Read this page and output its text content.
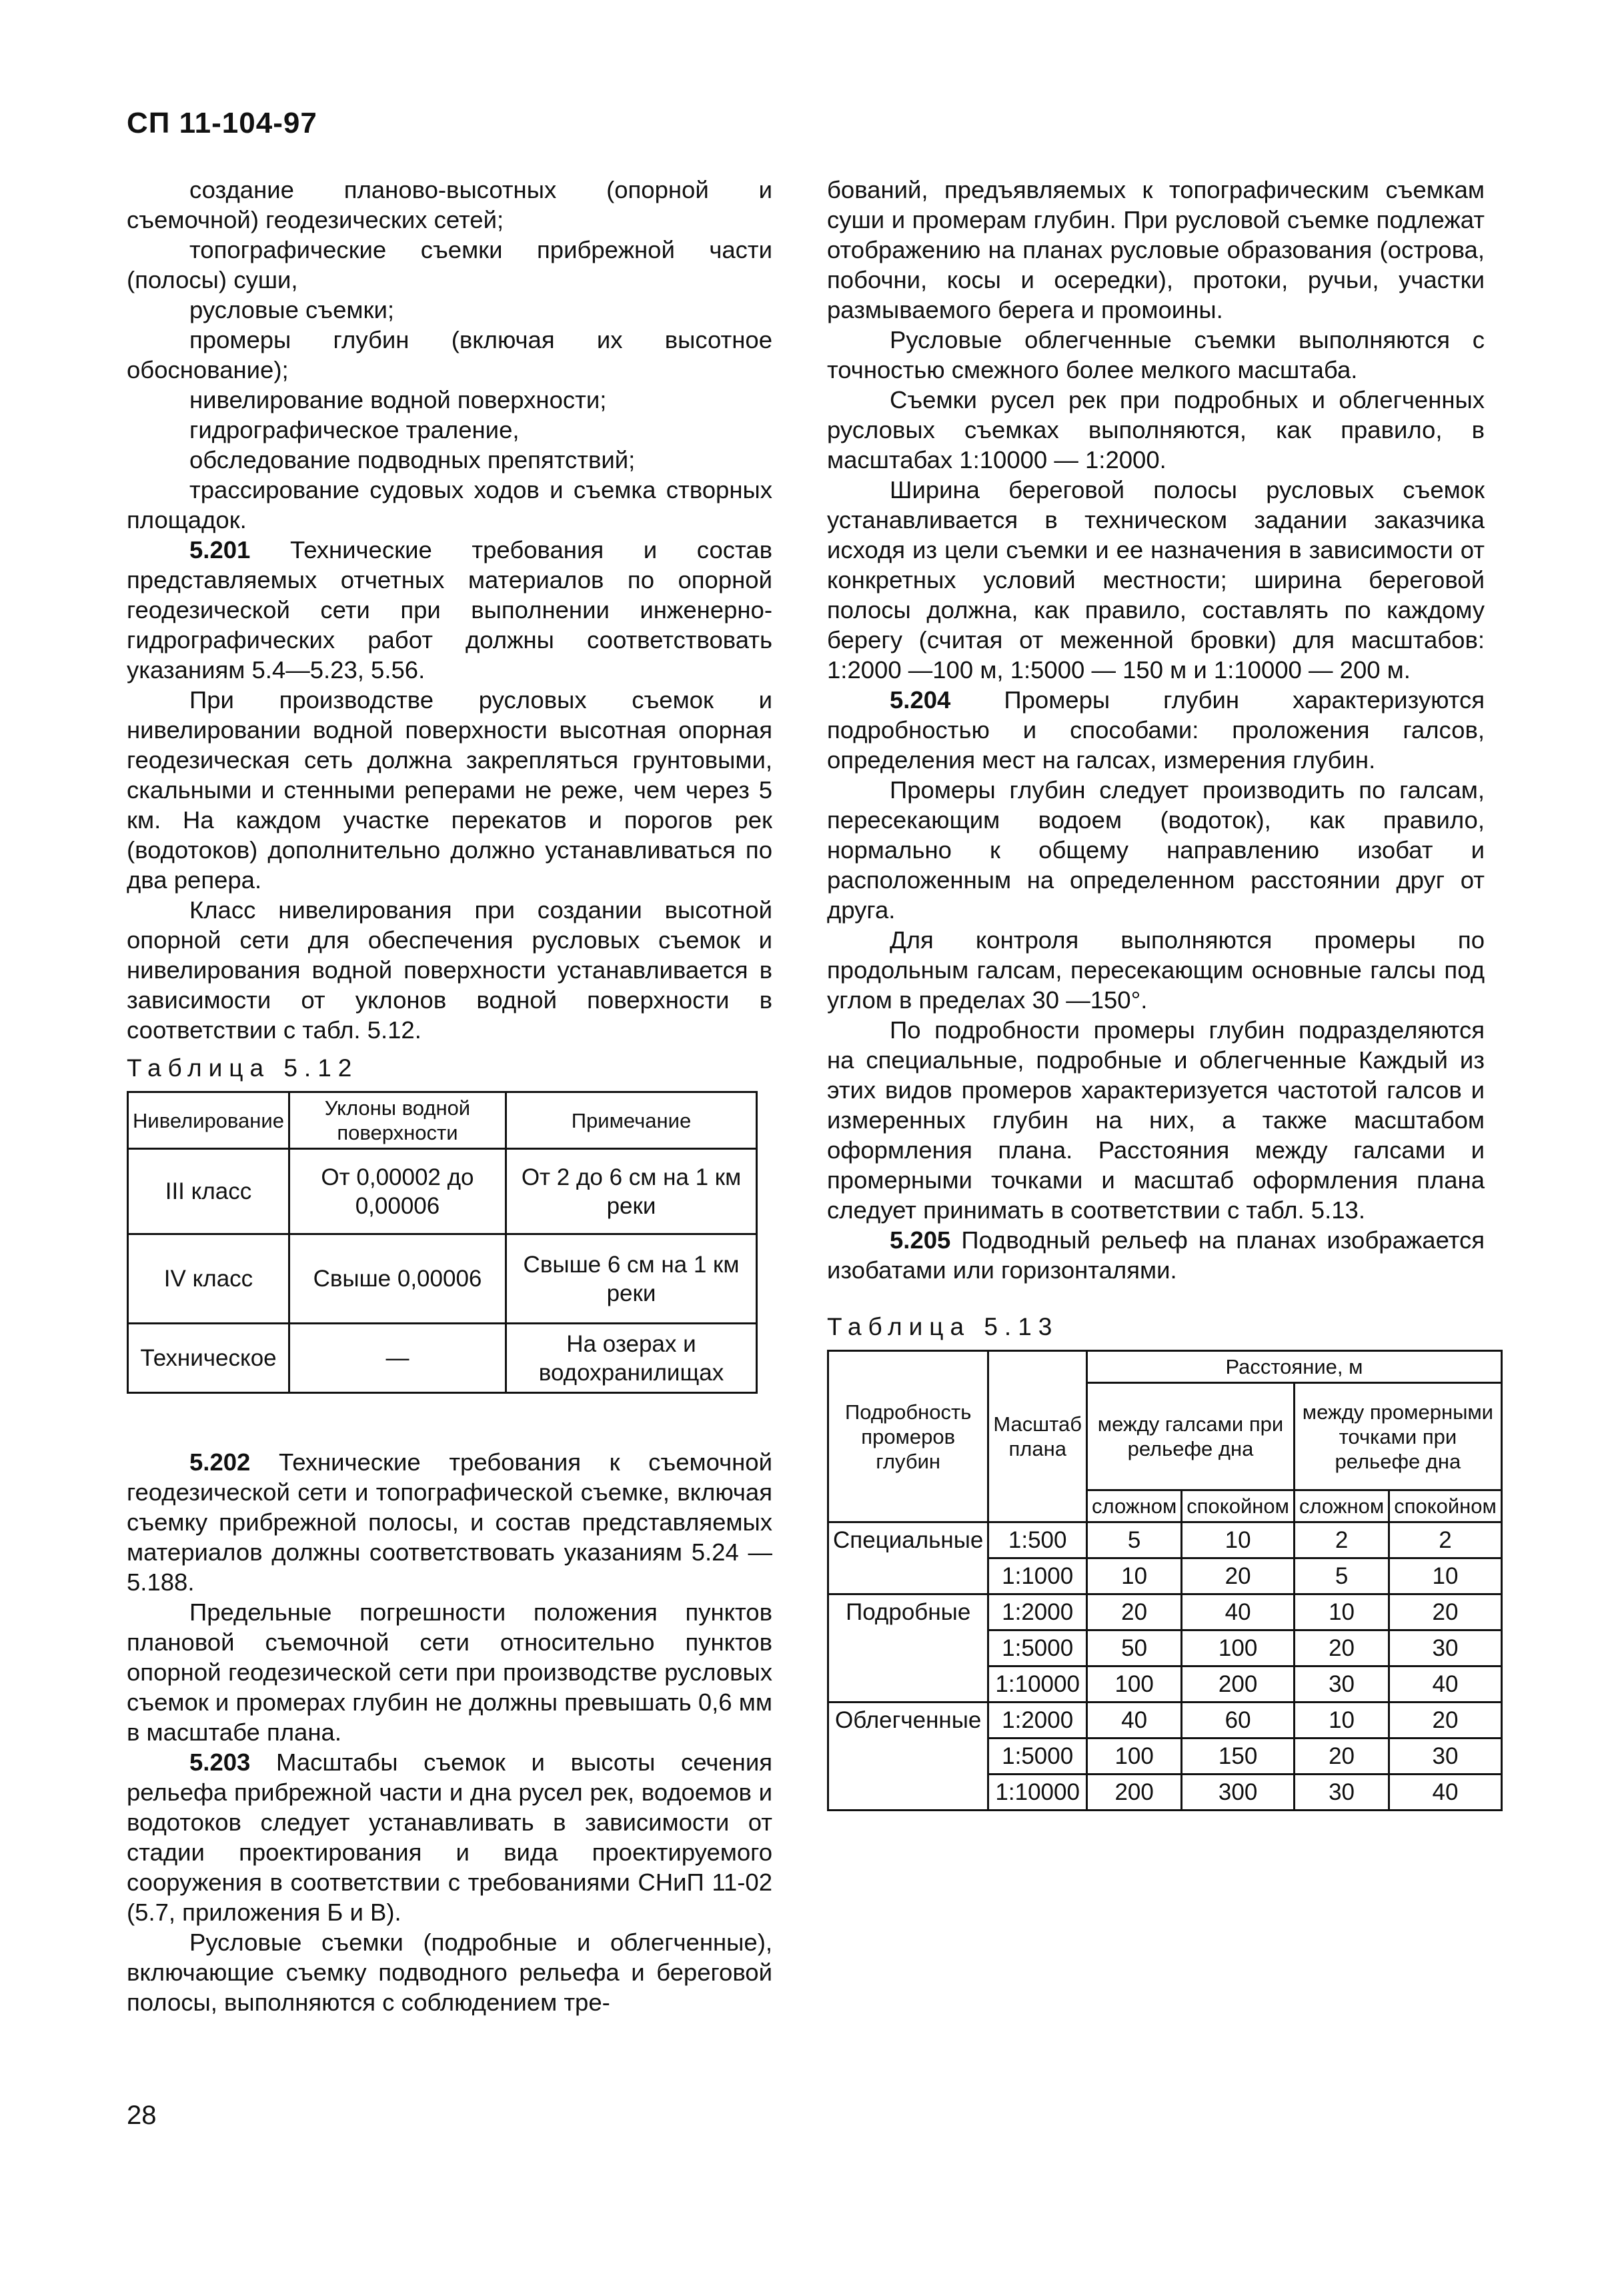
СП 11-104-97

создание планово-высотных (опорной и съемочной) геодезических сетей;

топографические съемки прибрежной части (полосы) суши,

русловые съемки;

промеры глубин (включая их высотное обоснование);

нивелирование водной поверхности;

гидрографическое траление,

обследование подводных препятствий;

трассирование судовых ходов и съемка створных площадок.

5.201 Технические требования и состав представляемых отчетных материалов по опорной геодезической сети при выполнении инженерно-гидрографических работ должны соответствовать указаниям 5.4—5.23, 5.56.

При производстве русловых съемок и нивелировании водной поверхности высотная опорная геодезическая сеть должна закрепляться грунтовыми, скальными и стенными реперами не реже, чем через 5 км. На каждом участке перекатов и порогов рек (водотоков) дополнительно должно устанавливаться по два репера.

Класс нивелирования при создании высотной опорной сети для обеспечения русловых съемок и нивелирования водной поверхности устанавливается в зависимости от уклонов водной поверхности в соответствии с табл. 5.12.

Таблица 5.12
Нивелирование	Уклоны водной поверхности	Примечание
III класс	От 0,00002 до 0,00006	От 2 до 6 см на 1 км реки
IV класс	Свыше 0,00006	Свыше 6 см на 1 км реки
Техническое	—	На озерах и водохранилищах

5.202 Технические требования к съемочной геодезической сети и топографической съемке, включая съемку прибрежной полосы, и состав представляемых материалов должны соответствовать указаниям 5.24 — 5.188.

Предельные погрешности положения пунктов плановой съемочной сети относительно пунктов опорной геодезической сети при производстве русловых съемок и промерах глубин не должны превышать 0,6 мм в масштабе плана.

5.203 Масштабы съемок и высоты сечения рельефа прибрежной части и дна русел рек, водоемов и водотоков следует устанавливать в зависимости от стадии проектирования и вида проектируемого сооружения в соответствии с требованиями СНиП 11-02 (5.7, приложения Б и В).

Русловые съемки (подробные и облегченные), включающие съемку подводного рельефа и береговой полосы, выполняются с соблюдением тре-

бований, предъявляемых к топографическим съемкам суши и промерам глубин. При русловой съемке подлежат отображению на планах русловые образования (острова, побочни, косы и осередки), протоки, ручьи, участки размываемого берега и промоины.

Русловые облегченные съемки выполняются с точностью смежного более мелкого масштаба.

Съемки русел рек при подробных и облегченных русловых съемках выполняются, как правило, в масштабах 1:10000 — 1:2000.

Ширина береговой полосы русловых съемок устанавливается в техническом задании заказчика исходя из цели съемки и ее назначения в зависимости от конкретных условий местности; ширина береговой полосы должна, как правило, составлять по каждому берегу (считая от меженной бровки) для масштабов: 1:2000 —100 м, 1:5000 — 150 м и 1:10000 — 200 м.

5.204 Промеры глубин характеризуются подробностью и способами: проложения галсов, определения мест на галсах, измерения глубин.

Промеры глубин следует производить по галсам, пересекающим водоем (водоток), как правило, нормально к общему направлению изобат и расположенным на определенном расстоянии друг от друга.

Для контроля выполняются промеры по продольным галсам, пересекающим основные галсы под углом в пределах 30 —150°.

По подробности промеры глубин подразделяются на специальные, подробные и облегченные Каждый из этих видов промеров характеризуется частотой галсов и измеренных глубин на них, а также масштабом оформления плана. Расстояния между галсами и промерными точками и масштаб оформления плана следует принимать в соответствии с табл. 5.13.

5.205 Подводный рельеф на планах изображается изобатами или горизонталями.

Таблица 5.13
Подробность промеров глубин	Масштаб плана	Расстояние, м			
		между галсами при рельефе дна		между промерными точками при рельефе дна	
		сложном	спокойном	сложном	спокойном
Специальные	1:500	5	10	2	2
	1:1000	10	20	5	10
Подробные	1:2000	20	40	10	20
	1:5000	50	100	20	30
	1:10000	100	200	30	40
Облегченные	1:2000	40	60	10	20
	1:5000	100	150	20	30
	1:10000	200	300	30	40
28
